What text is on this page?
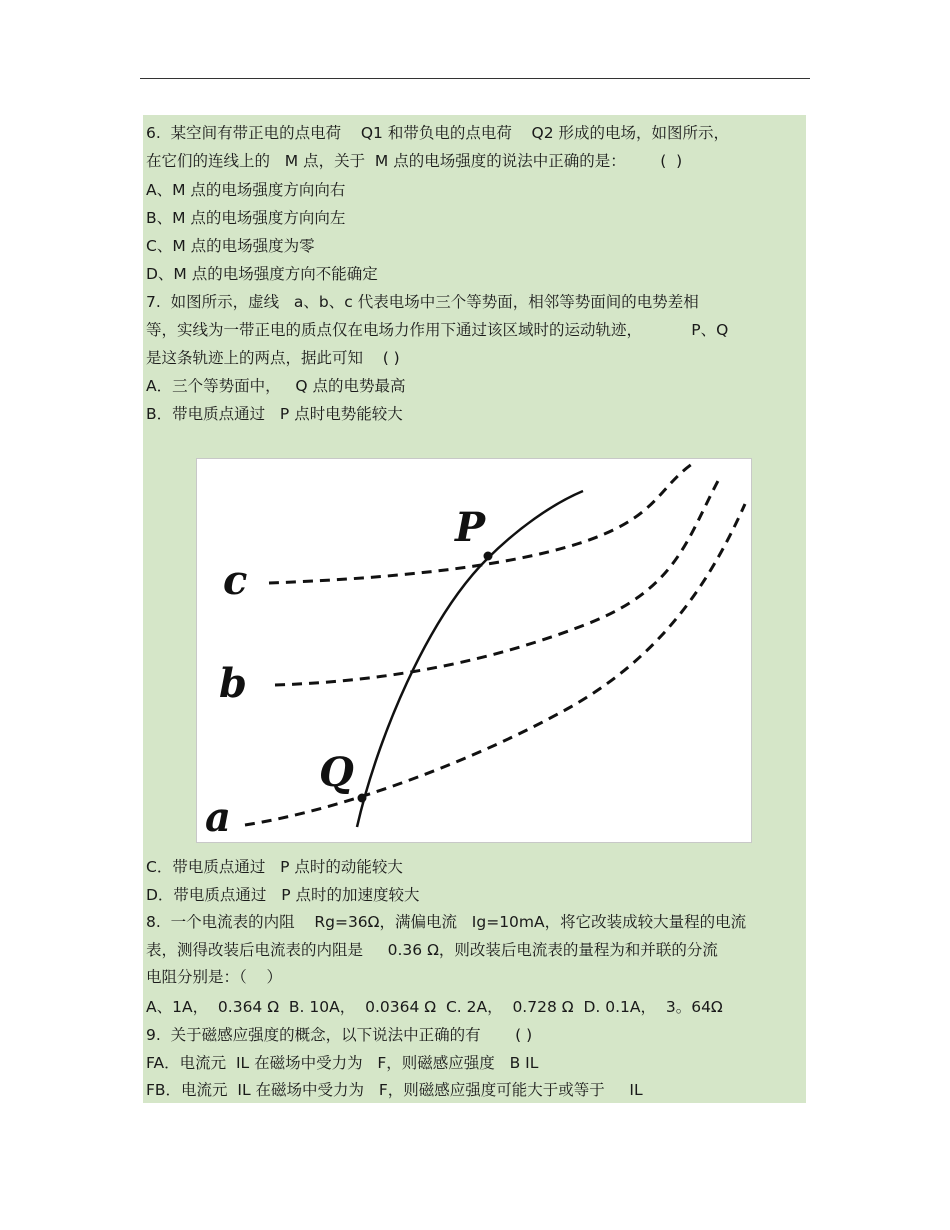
6.  某空间有带正电的点电荷    Q1 和带负电的点电荷    Q2 形成的电场，如图所示，
在它们的连线上的   M 点，关于  M 点的电场强度的说法中正确的是：       (  )
A、M 点的电场强度方向向右
B、M 点的电场强度方向向左
C、M 点的电场强度为零
D、M 点的电场强度方向不能确定
7.  如图所示，虚线   a、b、c 代表电场中三个等势面，相邻等势面间的电势差相
等，实线为一带正电的质点仅在电场力作用下通过该区域时的运动轨迹，          P、Q
是这条轨迹上的两点，据此可知    ( )
A．三个等势面中，   Q 点的电势最高
B．带电质点通过   P 点时电势能较大
P
Q
c
b
a
C．带电质点通过   P 点时的动能较大
D．带电质点通过   P 点时的加速度较大
8.  一个电流表的内阻    Rg=36Ω，满偏电流   Ig=10mA，将它改装成较大量程的电流
表，测得改装后电流表的内阻是     0.36 Ω，则改装后电流表的量程为和并联的分流
电阻分别是：（    ）
A、1A，  0.364 Ω  B. 10A，  0.0364 Ω  C. 2A，  0.728 Ω  D. 0.1A，  3。64Ω
9.  关于磁感应强度的概念，以下说法中正确的有       ( )
FA．电流元  IL 在磁场中受力为   F，则磁感应强度   B IL
FB．电流元  IL 在磁场中受力为   F，则磁感应强度可能大于或等于     IL
